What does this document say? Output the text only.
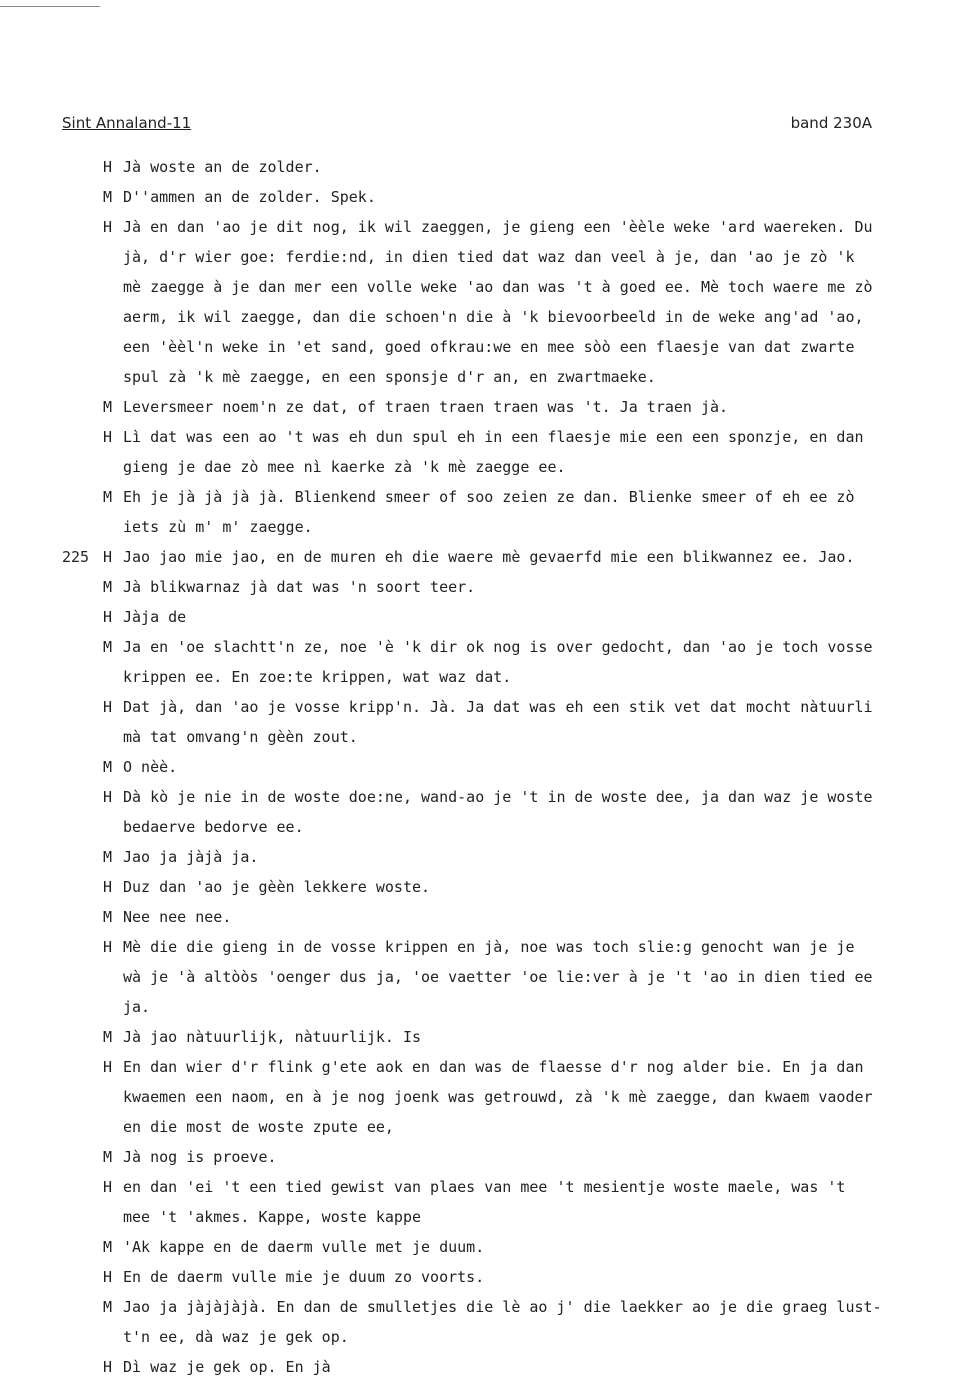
Sint Annaland-11	band 230A
H Jà woste an de zolder.
M D''ammen an de zolder. Spek.
H Jà en dan 'ao je dit nog, ik wil zaeggen, je gieng een 'èèle weke 'ard waereken. Du
jà, d'r wier goe: ferdie:nd, in dien tied dat waz dan veel à je, dan 'ao je zò 'k
mè zaegge à je dan mer een volle weke 'ao dan was 't à goed ee. Mè toch waere me zò
aerm, ik wil zaegge, dan die schoen'n die à 'k bievoorbeeld in de weke ang'ad 'ao,
een 'èèl'n weke in 'et sand, goed ofkrau:we en mee sòò een flaesje van dat zwarte
spul zà 'k mè zaegge, en een sponsje d'r an, en zwartmaeke.
M Leversmeer noem'n ze dat, of traen traen traen was 't. Ja traen jà.
H Lì dat was een ao 't was eh dun spul eh in een flaesje mie een een sponzje, en dan
gieng je dae zò mee nì kaerke zà 'k mè zaegge ee.
M Eh je jà jà jà jà. Blienkend smeer of soo zeien ze dan. Blienke smeer of eh ee zò
iets zù m' m' zaegge.
225 H Jao jao mie jao, en de muren eh die waere mè gevaerfd mie een blikwannez ee. Jao.
M Jà blikwarnaz jà dat was 'n soort teer.
H Jàja de
M Ja en 'oe slachtt'n ze, noe 'è 'k dir ok nog is over gedocht, dan 'ao je toch vosse
krippen ee. En zoe:te krippen, wat waz dat.
H Dat jà, dan 'ao je vosse kripp'n. Jà. Ja dat was eh een stik vet dat mocht nàtuurli
mà tat omvang'n gèèn zout.
M O nèè.
H Dà kò je nie in de woste doe:ne, wand-ao je 't in de woste dee, ja dan waz je woste
bedaerve bedorve ee.
M Jao ja jàjà ja.
H Duz dan 'ao je gèèn lekkere woste.
M Nee nee nee.
H Mè die die gieng in de vosse krippen en jà, noe was toch slie:g genocht wan je je
wà je 'à altòòs 'oenger dus ja, 'oe vaetter 'oe lie:ver à je 't 'ao in dien tied ee
ja.
M Jà jao nàtuurlijk, nàtuurlijk. Is
H En dan wier d'r flink g'ete aok en dan was de flaesse d'r nog alder bie. En ja dan
kwaemen een naom, en à je nog joenk was getrouwd, zà 'k mè zaegge, dan kwaem vaoder
en die most de woste zpute ee,
M Jà nog is proeve.
H en dan 'ei 't een tied gewist van plaes van mee 't mesientje woste maele, was 't
mee 't 'akmes. Kappe, woste kappe
M 'Ak kappe en de daerm vulle met je duum.
H En de daerm vulle mie je duum zo voorts.
M Jao ja jàjàjàjà. En dan de smulletjes die lè ao j' die laekker ao je die graeg lust-
t'n ee, dà waz je gek op.
H Dì waz je gek op. En jà
